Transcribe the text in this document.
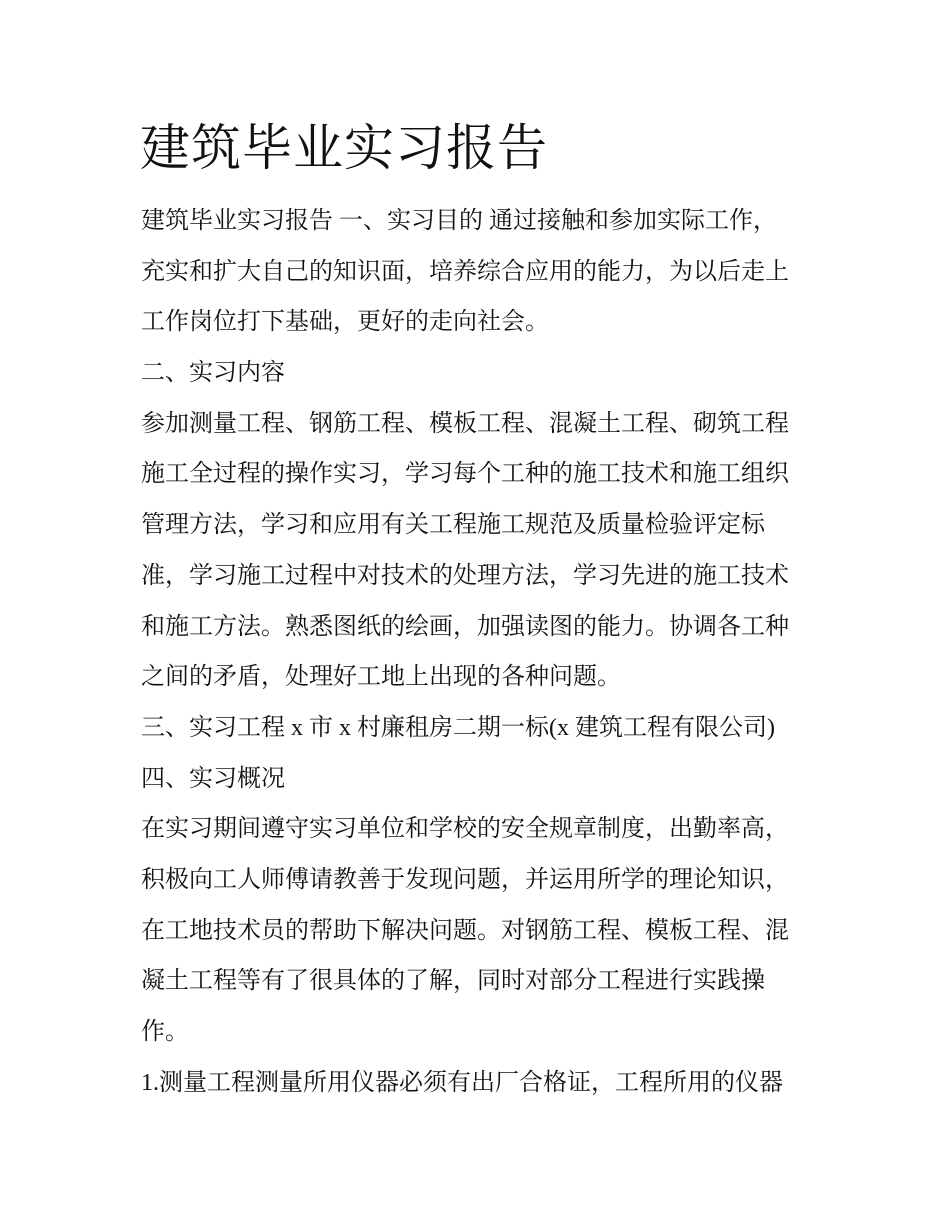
建筑毕业实习报告
建筑毕业实习报告 一、实习目的 通过接触和参加实际工作，
充实和扩大自己的知识面，培养综合应用的能力，为以后走上
工作岗位打下基础，更好的走向社会。
二、实习内容
参加测量工程、钢筋工程、模板工程、混凝土工程、砌筑工程
施工全过程的操作实习，学习每个工种的施工技术和施工组织
管理方法，学习和应用有关工程施工规范及质量检验评定标
准，学习施工过程中对技术的处理方法，学习先进的施工技术
和施工方法。熟悉图纸的绘画，加强读图的能力。协调各工种
之间的矛盾，处理好工地上出现的各种问题。
三、实习工程 x 市 x 村廉租房二期一标(x 建筑工程有限公司)
四、实习概况
在实习期间遵守实习单位和学校的安全规章制度，出勤率高，
积极向工人师傅请教善于发现问题，并运用所学的理论知识，
在工地技术员的帮助下解决问题。对钢筋工程、模板工程、混
凝土工程等有了很具体的了解，同时对部分工程进行实践操
作。
1.测量工程测量所用仪器必须有出厂合格证，工程所用的仪器
